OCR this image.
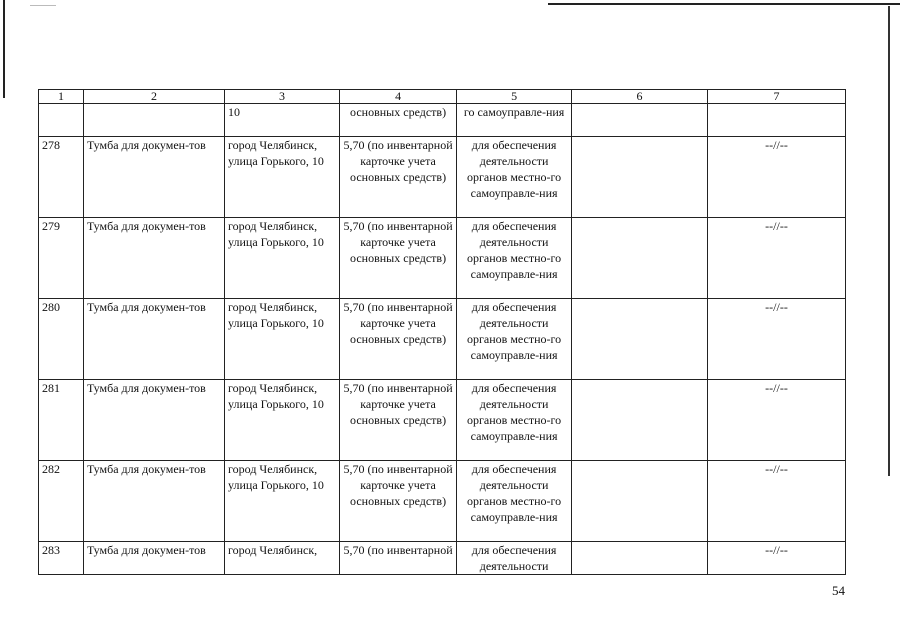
1	2	3	4	5	6	7
		10	основных средств)	го самоуправле-ния		
278	Тумба для докумен-тов	город Челябинск, улица Горького, 10	5,70 (по инвентарной карточке учета основных средств)	для обеспечения деятельности органов местно-го самоуправле-ния		--//--
279	Тумба для докумен-тов	город Челябинск, улица Горького, 10	5,70 (по инвентарной карточке учета основных средств)	для обеспечения деятельности органов местно-го самоуправле-ния		--//--
280	Тумба для докумен-тов	город Челябинск, улица Горького, 10	5,70 (по инвентарной карточке учета основных средств)	для обеспечения деятельности органов местно-го самоуправле-ния		--//--
281	Тумба для докумен-тов	город Челябинск, улица Горького, 10	5,70 (по инвентарной карточке учета основных средств)	для обеспечения деятельности органов местно-го самоуправле-ния		--//--
282	Тумба для докумен-тов	город Челябинск, улица Горького, 10	5,70 (по инвентарной карточке учета основных средств)	для обеспечения деятельности органов местно-го самоуправле-ния		--//--
283	Тумба для докумен-тов	город Челябинск,	5,70 (по инвентарной	для обеспечения деятельности		--//--
54
